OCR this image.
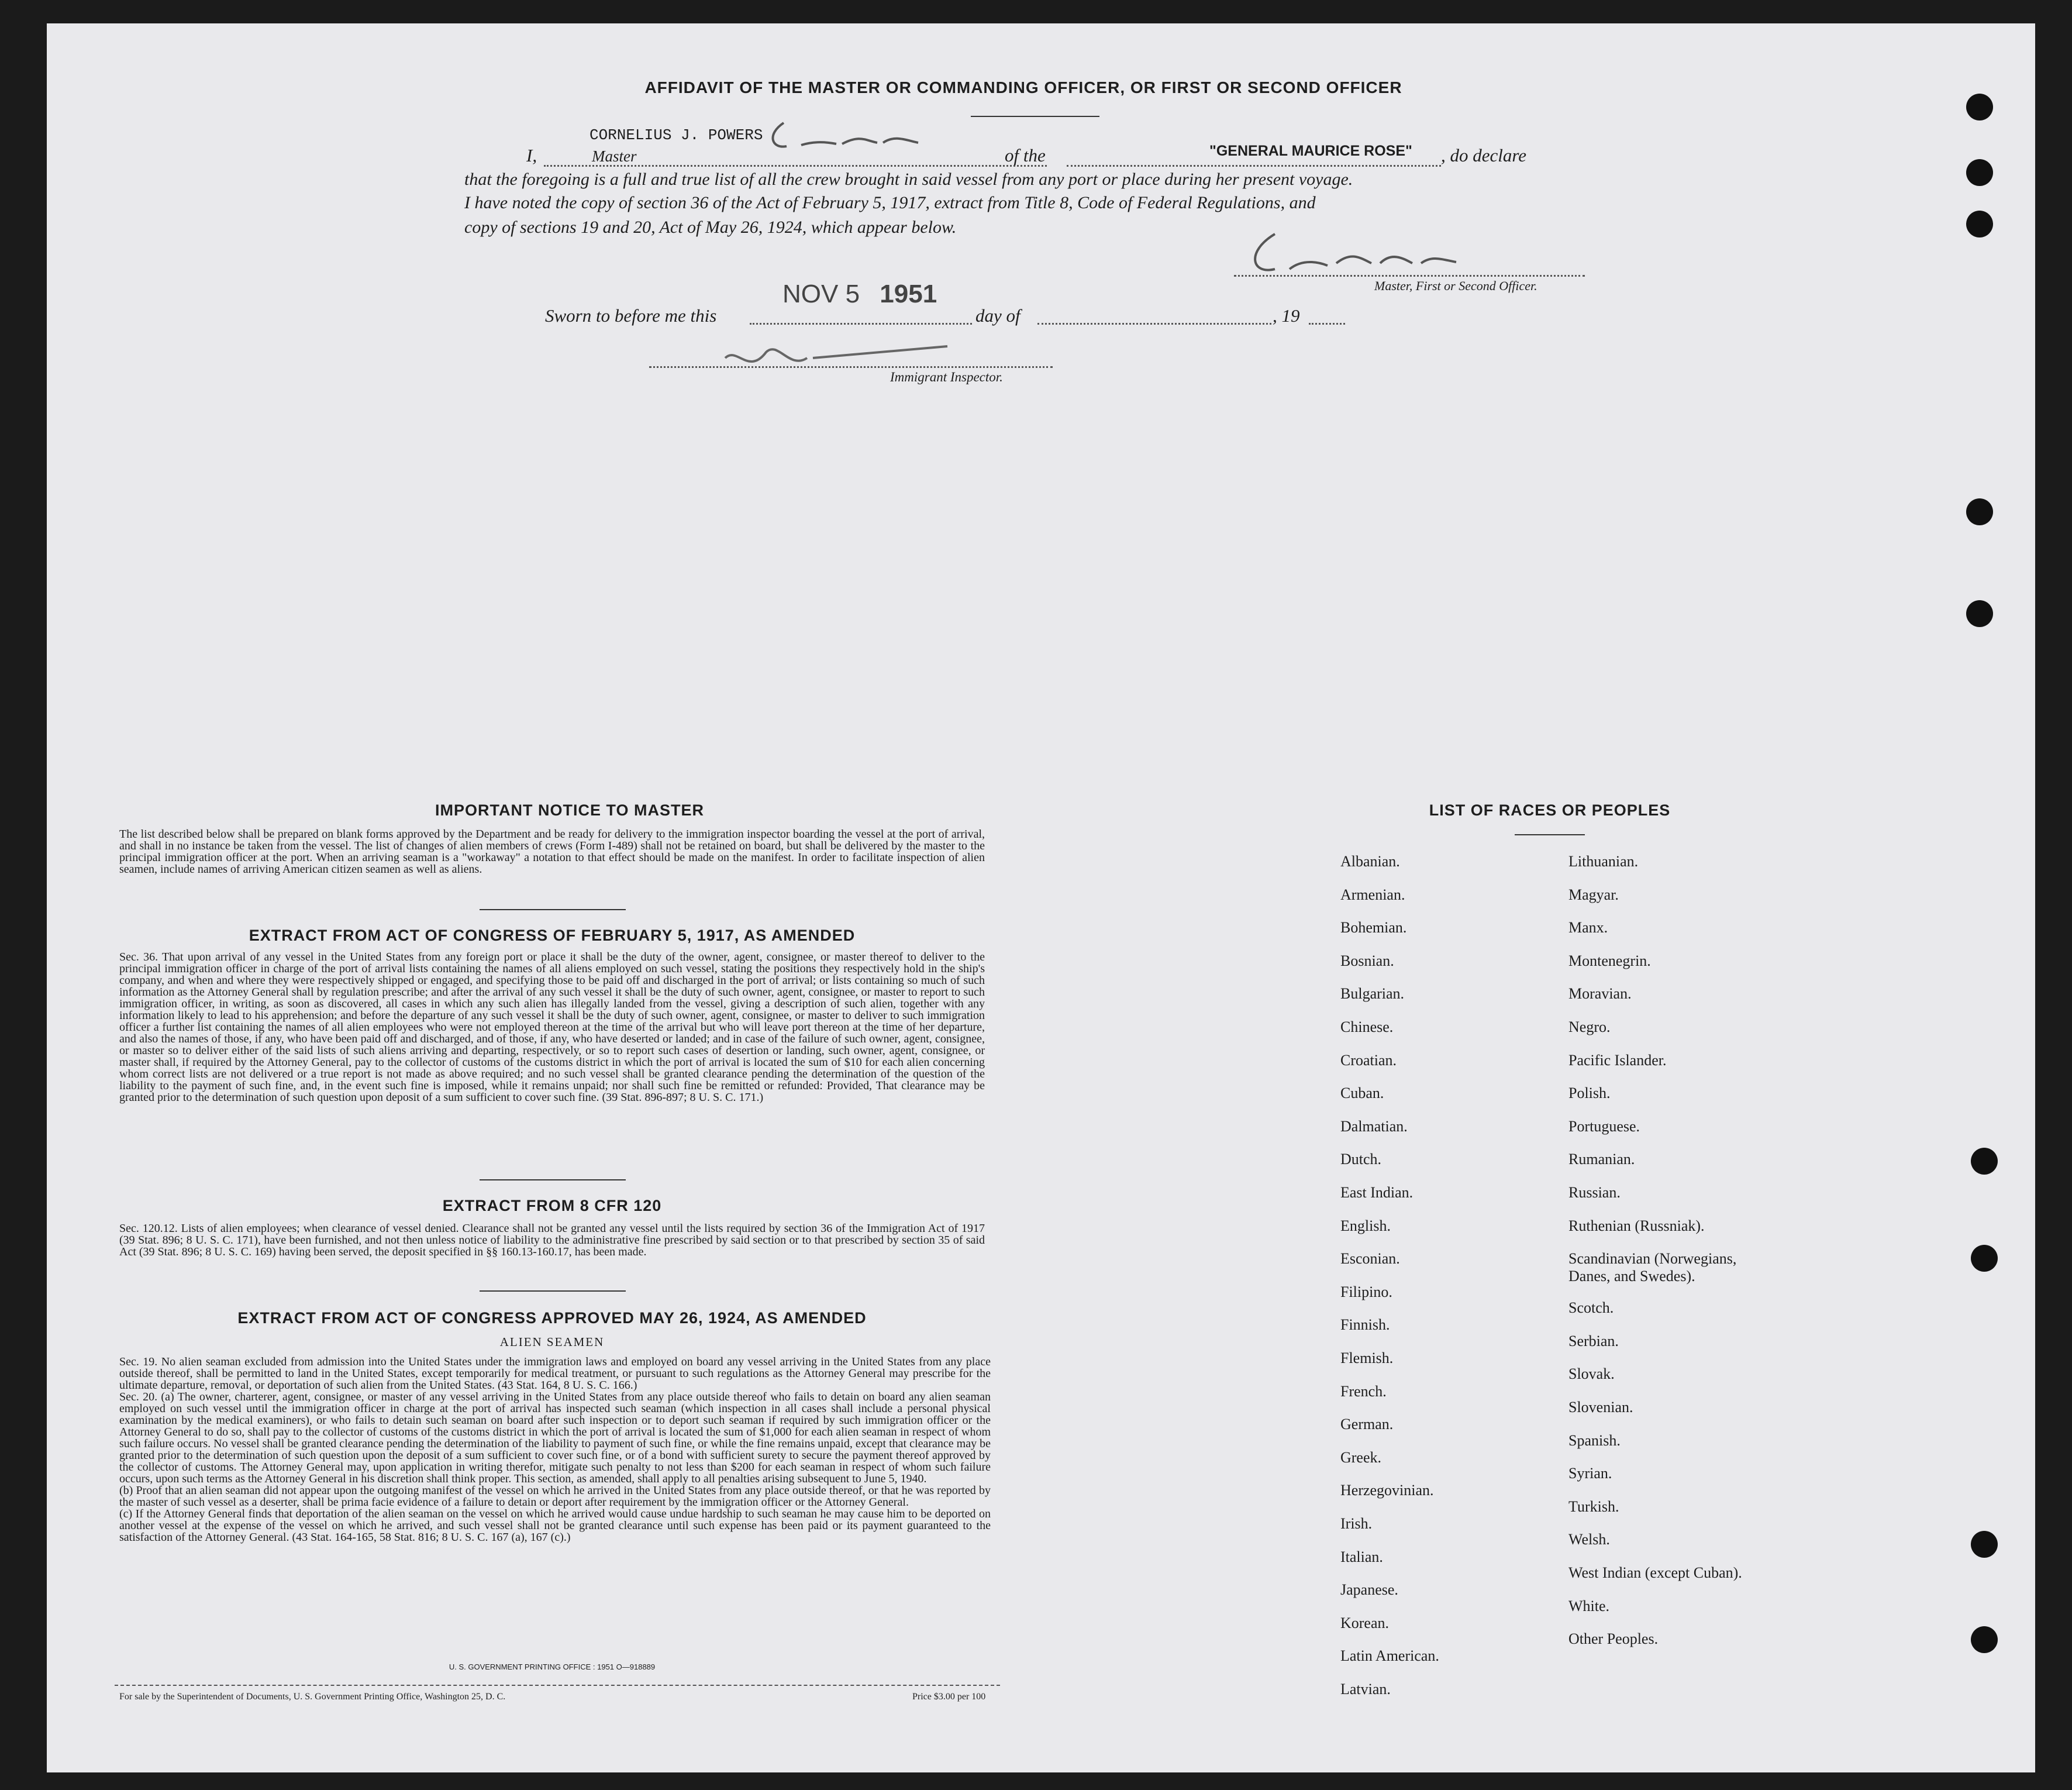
AFFIDAVIT OF THE MASTER OR COMMANDING OFFICER, OR FIRST OR SECOND OFFICER
CORNELIUS J. POWERS
I,	Master	of the	"GENERAL MAURICE ROSE" , do declare
that the foregoing is a full and true list of all the crew brought in said vessel from any port or place during her present voyage.
I have noted the copy of section 36 of the Act of February 5, 1917, extract from Title 8, Code of Federal Regulations, and
copy of sections 19 and 20, Act of May 26, 1924, which appear below.
Master, First or Second Officer.
Sworn to before me this
NOV 5 1951
day of	, 19
Immigrant Inspector.
IMPORTANT NOTICE TO MASTER
The list described below shall be prepared on blank forms approved by the Department and be ready for delivery to the immigration inspector boarding the vessel at the port of arrival, and shall in no instance be taken from the vessel. The list of changes of alien members of crews (Form I-489) shall not be retained on board, but shall be delivered by the master to the principal immigration officer at the port. When an arriving seaman is a "workaway" a notation to that effect should be made on the manifest. In order to facilitate inspection of alien seamen, include names of arriving American citizen seamen as well as aliens.
EXTRACT FROM ACT OF CONGRESS OF FEBRUARY 5, 1917, AS AMENDED
Sec. 36. That upon arrival of any vessel in the United States from any foreign port or place it shall be the duty of the owner, agent, consignee, or master thereof to deliver to the principal immigration officer in charge of the port of arrival lists containing the names of all aliens employed on such vessel, stating the positions they respectively hold in the ship's company, and when and where they were respectively shipped or engaged, and specifying those to be paid off and discharged in the port of arrival; or lists containing so much of such information as the Attorney General shall by regulation prescribe; and after the arrival of any such vessel it shall be the duty of such owner, agent, consignee, or master to report to such immigration officer, in writing, as soon as discovered, all cases in which any such alien has illegally landed from the vessel, giving a description of such alien, together with any information likely to lead to his apprehension; and before the departure of any such vessel it shall be the duty of such owner, agent, consignee, or master to deliver to such immigration officer a further list containing the names of all alien employees who were not employed thereon at the time of the arrival but who will leave port thereon at the time of her departure, and also the names of those, if any, who have been paid off and discharged, and of those, if any, who have deserted or landed; and in case of the failure of such owner, agent, consignee, or master so to deliver either of the said lists of such aliens arriving and departing, respectively, or so to report such cases of desertion or landing, such owner, agent, consignee, or master shall, if required by the Attorney General, pay to the collector of customs of the customs district in which the port of arrival is located the sum of $10 for each alien concerning whom correct lists are not delivered or a true report is not made as above required; and no such vessel shall be granted clearance pending the determination of the question of the liability to the payment of such fine, and, in the event such fine is imposed, while it remains unpaid; nor shall such fine be remitted or refunded: Provided, That clearance may be granted prior to the determination of such question upon deposit of a sum sufficient to cover such fine. (39 Stat. 896-897; 8 U. S. C. 171.)
EXTRACT FROM 8 CFR 120
Sec. 120.12. Lists of alien employees; when clearance of vessel denied. Clearance shall not be granted any vessel until the lists required by section 36 of the Immigration Act of 1917 (39 Stat. 896; 8 U. S. C. 171), have been furnished, and not then unless notice of liability to the administrative fine prescribed by said section or to that prescribed by section 35 of said Act (39 Stat. 896; 8 U. S. C. 169) having been served, the deposit specified in §§ 160.13-160.17, has been made.
EXTRACT FROM ACT OF CONGRESS APPROVED MAY 26, 1924, AS AMENDED
ALIEN SEAMEN
Sec. 19. No alien seaman excluded from admission into the United States under the immigration laws and employed on board any vessel arriving in the United States from any place outside thereof, shall be permitted to land in the United States, except temporarily for medical treatment, or pursuant to such regulations as the Attorney General may prescribe for the ultimate departure, removal, or deportation of such alien from the United States. (43 Stat. 164, 8 U. S. C. 166.)
Sec. 20. (a) The owner, charterer, agent, consignee, or master of any vessel arriving in the United States from any place outside thereof who fails to detain on board any alien seaman employed on such vessel until the immigration officer in charge at the port of arrival has inspected such seaman (which inspection in all cases shall include a personal physical examination by the medical examiners), or who fails to detain such seaman on board after such inspection or to deport such seaman if required by such immigration officer or the Attorney General to do so, shall pay to the collector of customs of the customs district in which the port of arrival is located the sum of $1,000 for each alien seaman in respect of whom such failure occurs. No vessel shall be granted clearance pending the determination of the liability to payment of such fine, or while the fine remains unpaid, except that clearance may be granted prior to the determination of such question upon the deposit of a sum sufficient to cover such fine, or of a bond with sufficient surety to secure the payment thereof approved by the collector of customs. The Attorney General may, upon application in writing therefor, mitigate such penalty to not less than $200 for each seaman in respect of whom such failure occurs, upon such terms as the Attorney General in his discretion shall think proper. This section, as amended, shall apply to all penalties arising subsequent to June 5, 1940.
(b) Proof that an alien seaman did not appear upon the outgoing manifest of the vessel on which he arrived in the United States from any place outside thereof, or that he was reported by the master of such vessel as a deserter, shall be prima facie evidence of a failure to detain or deport after requirement by the immigration officer or the Attorney General.
(c) If the Attorney General finds that deportation of the alien seaman on the vessel on which he arrived would cause undue hardship to such seaman he may cause him to be deported on another vessel at the expense of the vessel on which he arrived, and such vessel shall not be granted clearance until such expense has been paid or its payment guaranteed to the satisfaction of the Attorney General. (43 Stat. 164-165, 58 Stat. 816; 8 U. S. C. 167 (a), 167 (c).)
U. S. GOVERNMENT PRINTING OFFICE : 1951 O—918889
For sale by the Superintendent of Documents, U. S. Government Printing Office, Washington 25, D. C.	Price $3.00 per 100
LIST OF RACES OR PEOPLES
Albanian.
Armenian.
Bohemian.
Bosnian.
Bulgarian.
Chinese.
Croatian.
Cuban.
Dalmatian.
Dutch.
East Indian.
English.
Esconian.
Filipino.
Finnish.
Flemish.
French.
German.
Greek.
Herzegovinian.
Irish.
Italian.
Japanese.
Korean.
Latin American.
Latvian.
Lithuanian.
Magyar.
Manx.
Montenegrin.
Moravian.
Negro.
Pacific Islander.
Polish.
Portuguese.
Rumanian.
Russian.
Ruthenian (Russniak).
Scandinavian (Norwegians, Danes, and Swedes).
Scotch.
Serbian.
Slovak.
Slovenian.
Spanish.
Syrian.
Turkish.
Welsh.
West Indian (except Cuban).
White.
Other Peoples.
